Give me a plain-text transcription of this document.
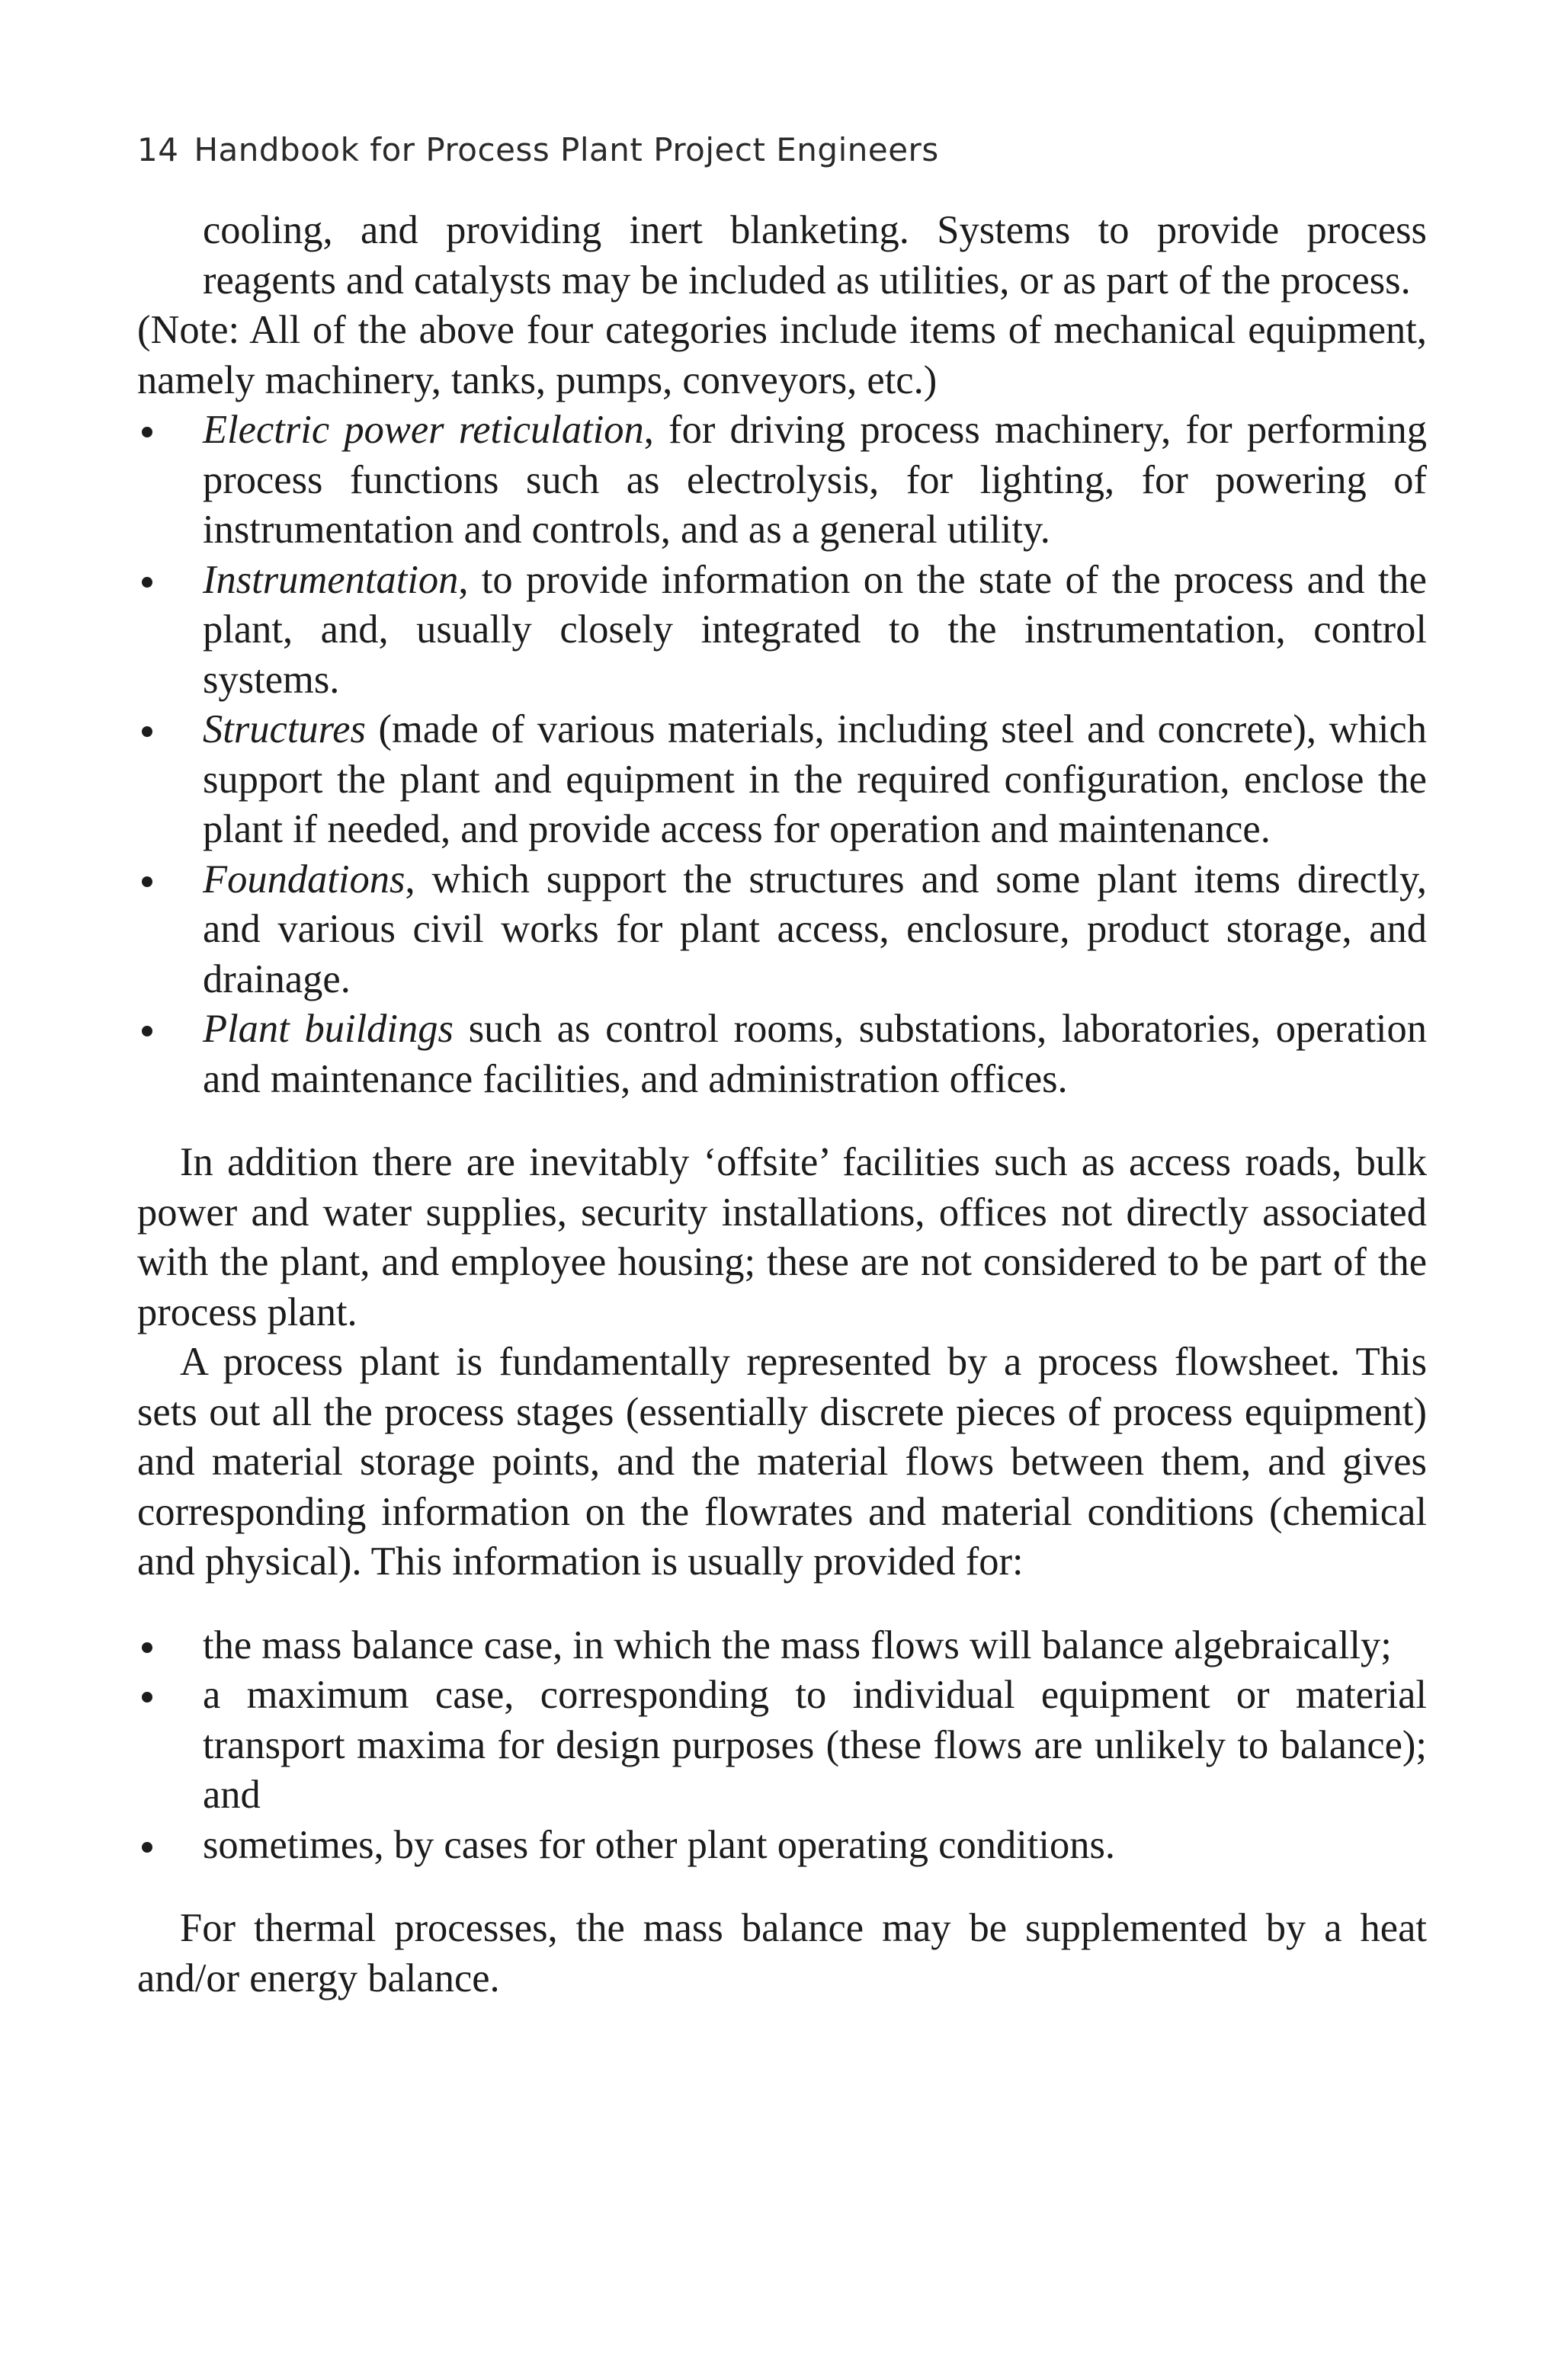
14 Handbook for Process Plant Project Engineers

cooling, and providing inert blanketing. Systems to provide process reagents and catalysts may be included as utilities, or as part of the process.

(Note: All of the above four categories include items of mechanical equipment, namely machinery, tanks, pumps, conveyors, etc.)

Electric power reticulation, for driving process machinery, for performing process functions such as electrolysis, for lighting, for powering of instrumentation and controls, and as a general utility.
Instrumentation, to provide information on the state of the process and the plant, and, usually closely integrated to the instrumentation, control systems.
Structures (made of various materials, including steel and concrete), which support the plant and equipment in the required configuration, enclose the plant if needed, and provide access for operation and maintenance.
Foundations, which support the structures and some plant items directly, and various civil works for plant access, enclosure, product storage, and drainage.
Plant buildings such as control rooms, substations, laboratories, operation and maintenance facilities, and administration offices.

In addition there are inevitably ‘offsite’ facilities such as access roads, bulk power and water supplies, security installations, offices not directly associated with the plant, and employee housing; these are not considered to be part of the process plant.

A process plant is fundamentally represented by a process flowsheet. This sets out all the process stages (essentially discrete pieces of process equipment) and material storage points, and the material flows between them, and gives corresponding information on the flowrates and material conditions (chemical and physical). This information is usually provided for:

the mass balance case, in which the mass flows will balance algebraically;
a maximum case, corresponding to individual equipment or material transport maxima for design purposes (these flows are unlikely to balance); and
sometimes, by cases for other plant operating conditions.

For thermal processes, the mass balance may be supplemented by a heat and/or energy balance.
